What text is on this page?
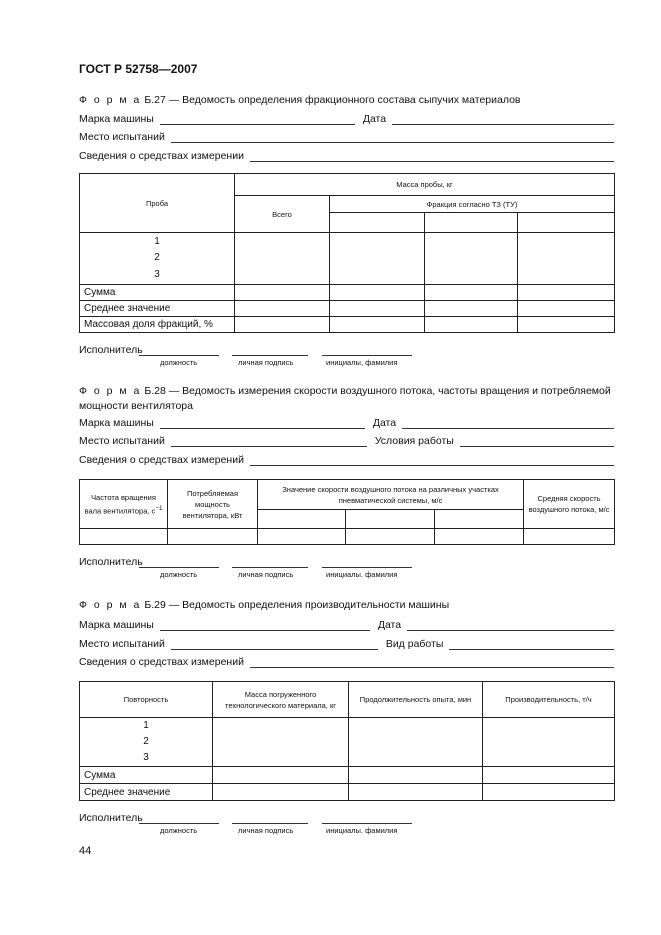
ГОСТ Р 52758—2007
Ф о р м а Б.27 — Ведомость определения фракционного состава сыпучих материалов
Марка машины	Дата
Место испытаний
Сведения о средствах измерении
Проба	Масса пробы, кг			
	Всего	Фракция согласно ТЗ (ТУ)		

1
2
3				

Сумма				
Среднее значение				
Массовая доля фракций, %				
Исполнитель
должность	личная подпись	инициалы, фамилия
Ф о р м а Б.28 — Ведомость измерения скорости воздушного потока, частоты вращения и потребляемой мощности вентилятора
Марка машины	Дата
Место испытаний	Условия работы
Сведения о средствах измерений
Частота вращения вала вентилятора, $с^{-1}$	Потребляемая мощность вентилятора, кВт	Значение скорости воздушного потока на различных участках пневматической системы, м/с			Средняя скорость воздушного потока, м/с

Исполнитель
должность	личная подпись	инициалы. фамилия
Ф о р м а Б.29 — Ведомость определения производительности машины
Марка машины	Дата
Место испытаний	Вид работы
Сведения о средствах измерений
Повторность	Масса погруженного технологического материала, кг	Продолжительность опыта, мин	Производительность, т/ч

1
2
3			

Сумма			
Среднее значение			
Исполнитель
должность	личная подпись	инициалы. фамилия
44
